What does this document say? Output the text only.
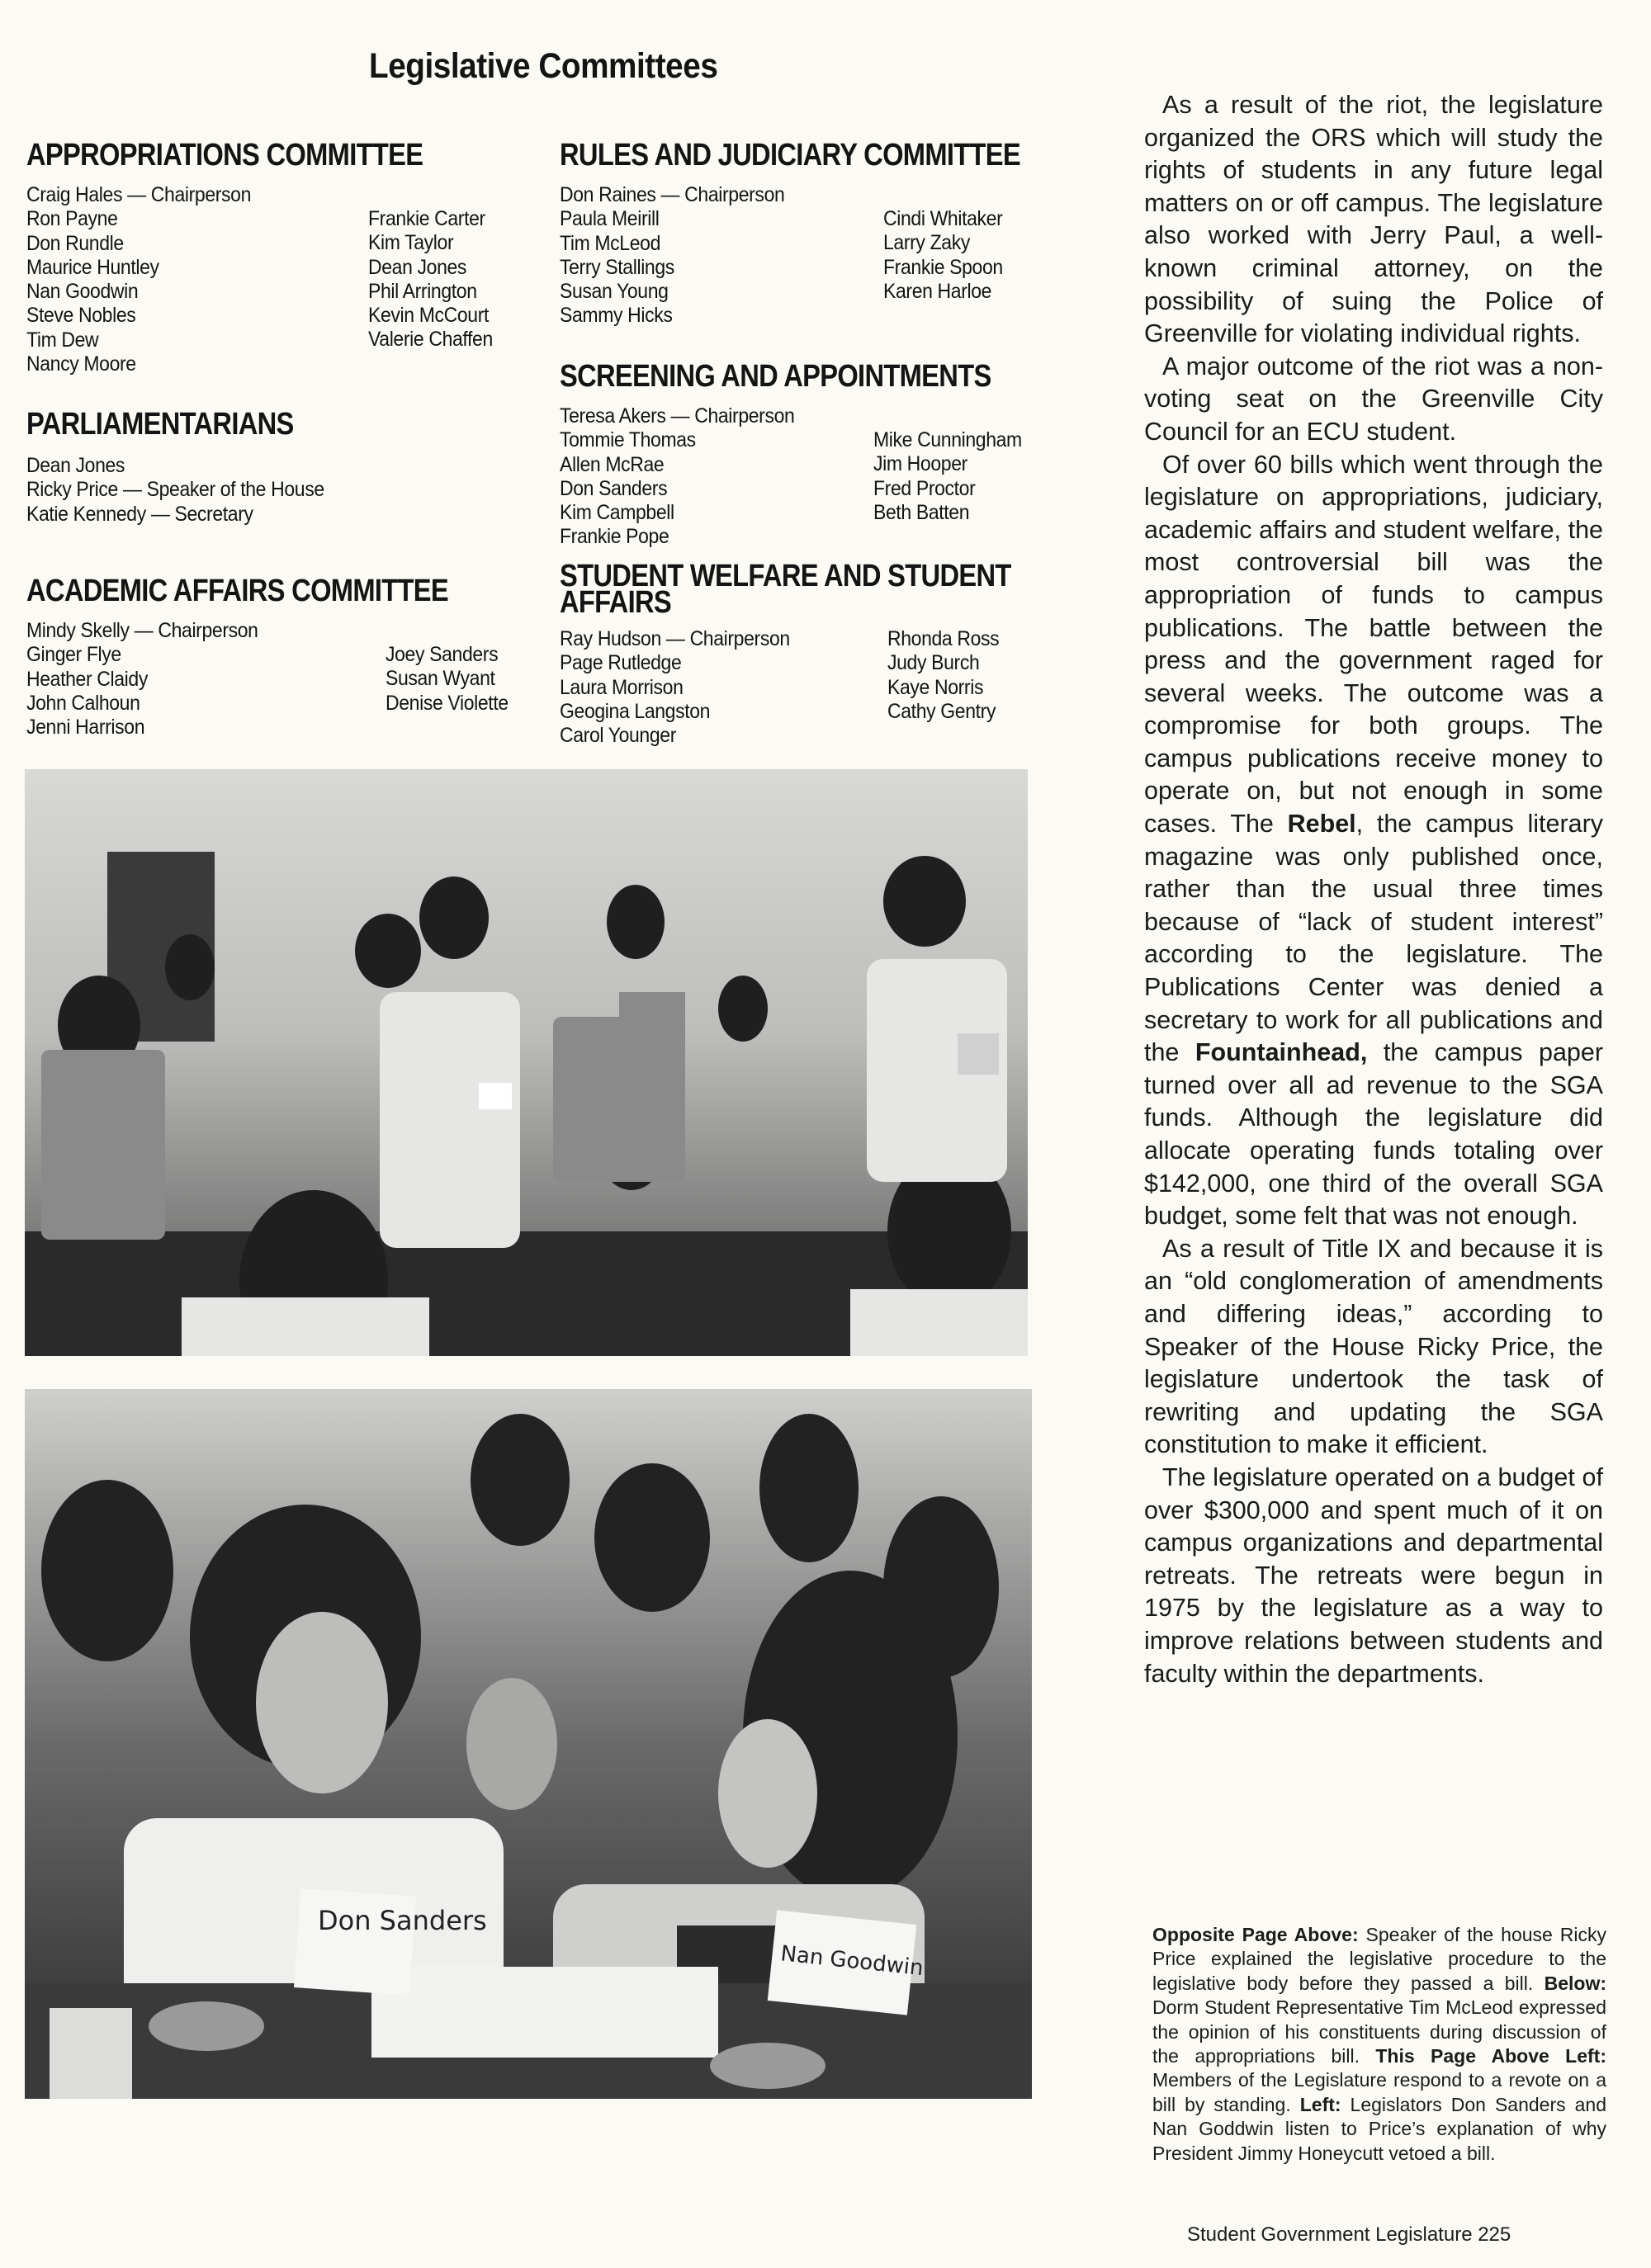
Legislative Committees
APPROPRIATIONS COMMITTEE
Craig Hales — Chairperson
Ron Payne
Don Rundle
Maurice Huntley
Nan Goodwin
Steve Nobles
Tim Dew
Nancy Moore
Frankie Carter
Kim Taylor
Dean Jones
Phil Arrington
Kevin McCourt
Valerie Chaffen
PARLIAMENTARIANS
Dean Jones
Ricky Price — Speaker of the House
Katie Kennedy — Secretary
ACADEMIC AFFAIRS COMMITTEE
Mindy Skelly — Chairperson
Ginger Flye
Heather Claidy
John Calhoun
Jenni Harrison
Joey Sanders
Susan Wyant
Denise Violette
RULES AND JUDICIARY COMMITTEE
Don Raines — Chairperson
Paula Meirill
Tim McLeod
Terry Stallings
Susan Young
Sammy Hicks
Cindi Whitaker
Larry Zaky
Frankie Spoon
Karen Harloe
SCREENING AND APPOINTMENTS
Teresa Akers — Chairperson
Tommie Thomas
Allen McRae
Don Sanders
Kim Campbell
Frankie Pope
Mike Cunningham
Jim Hooper
Fred Proctor
Beth Batten
STUDENT WELFARE AND STUDENT AFFAIRS
Ray Hudson — Chairperson
Page Rutledge
Laura Morrison
Geogina Langston
Carol Younger
Rhonda Ross
Judy Burch
Kaye Norris
Cathy Gentry
Don Sanders
Nan Goodwin

As a result of the riot, the legislature organized the ORS which will study the rights of students in any future legal matters on or off campus. The legislature also worked with Jerry Paul, a well-known criminal attorney, on the possibility of suing the Police of Greenville for violating individual rights.

A major outcome of the riot was a non-voting seat on the Greenville City Council for an ECU student.

Of over 60 bills which went through the legislature on appropriations, judiciary, academic affairs and student welfare, the most controversial bill was the appropriation of funds to campus publications. The battle between the press and the government raged for several weeks. The outcome was a compromise for both groups. The campus publications receive money to operate on, but not enough in some cases. The Rebel, the campus literary magazine was only published once, rather than the usual three times because of “lack of student interest” according to the legislature. The Publications Center was denied a secretary to work for all publications and the Fountainhead, the campus paper turned over all ad revenue to the SGA funds. Although the legislature did allocate operating funds totaling over $142,000, one third of the overall SGA budget, some felt that was not enough.

As a result of Title IX and because it is an “old conglomeration of amendments and differing ideas,” according to Speaker of the House Ricky Price, the legislature undertook the task of rewriting and updating the SGA constitution to make it efficient.

The legislature operated on a budget of over $300,000 and spent much of it on campus organizations and departmental retreats. The retreats were begun in 1975 by the legislature as a way to improve relations between students and faculty within the departments.

Opposite Page Above: Speaker of the house Ricky Price explained the legislative procedure to the legislative body before they passed a bill. Below: Dorm Student Representative Tim McLeod expressed the opinion of his constituents during discussion of the appropriations bill. This Page Above Left: Members of the Legislature respond to a revote on a bill by standing. Left: Legislators Don Sanders and Nan Goddwin listen to Price’s explanation of why President Jimmy Honeycutt vetoed a bill.
Student Government Legislature 225
